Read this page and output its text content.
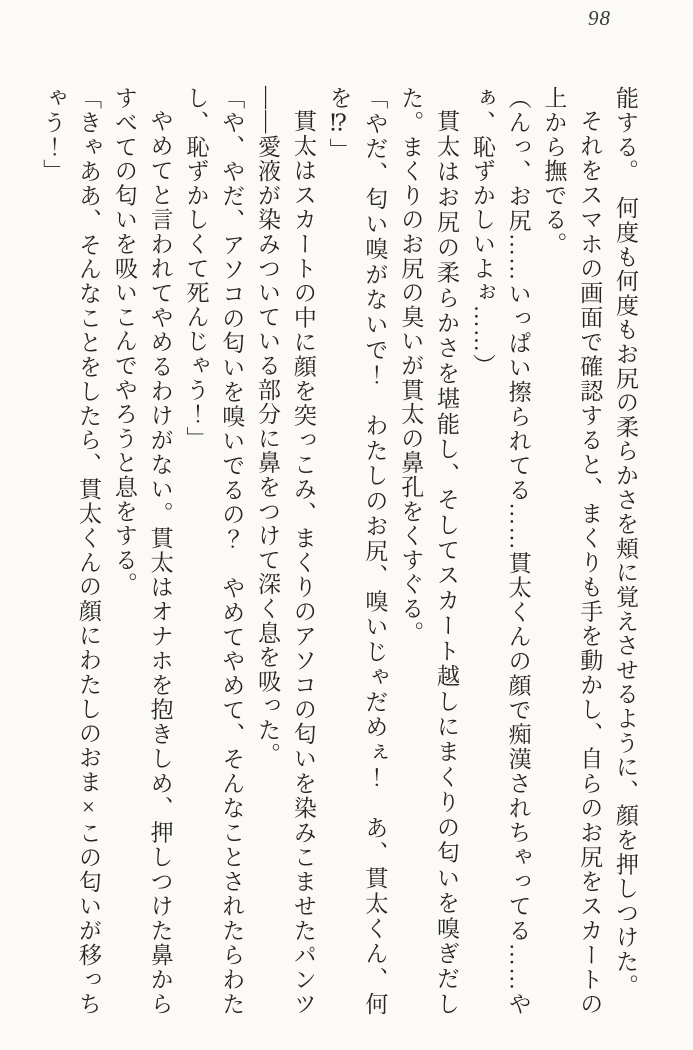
98

能する。　何度も何度もお尻の柔らかさを頬に覚えさせるように、顔を押しつけた。

それをスマホの画面で確認すると、まくりも手を動かし、自らのお尻をスカートの上から撫でる。

（んっ、お尻……いっぱい擦られてる……貫太くんの顔で痴漢されちゃってる……やぁ、恥ずかしいよぉ……）

貫太はお尻の柔らかさを堪能し、そしてスカート越しにまくりの匂いを嗅ぎだした。まくりのお尻の臭いが貫太の鼻孔をくすぐる。

「やだ、匂い嗅がないで！　わたしのお尻、嗅いじゃだめぇ！　あ、貫太くん、何を⁉」

貫太はスカートの中に顔を突っこみ、まくりのアソコの匂いを染みこませたパンツ――愛液が染みついている部分に鼻をつけて深く息を吸った。

「や、やだ、アソコの匂いを嗅いでるの？　やめてやめて、そんなことされたらわたし、恥ずかしくて死んじゃう！」

やめてと言われてやめるわけがない。貫太はオナホを抱きしめ、押しつけた鼻からすべての匂いを吸いこんでやろうと息をする。

「きゃああ、そんなことをしたら、貫太くんの顔にわたしのおま×この匂いが移っちゃう！」
